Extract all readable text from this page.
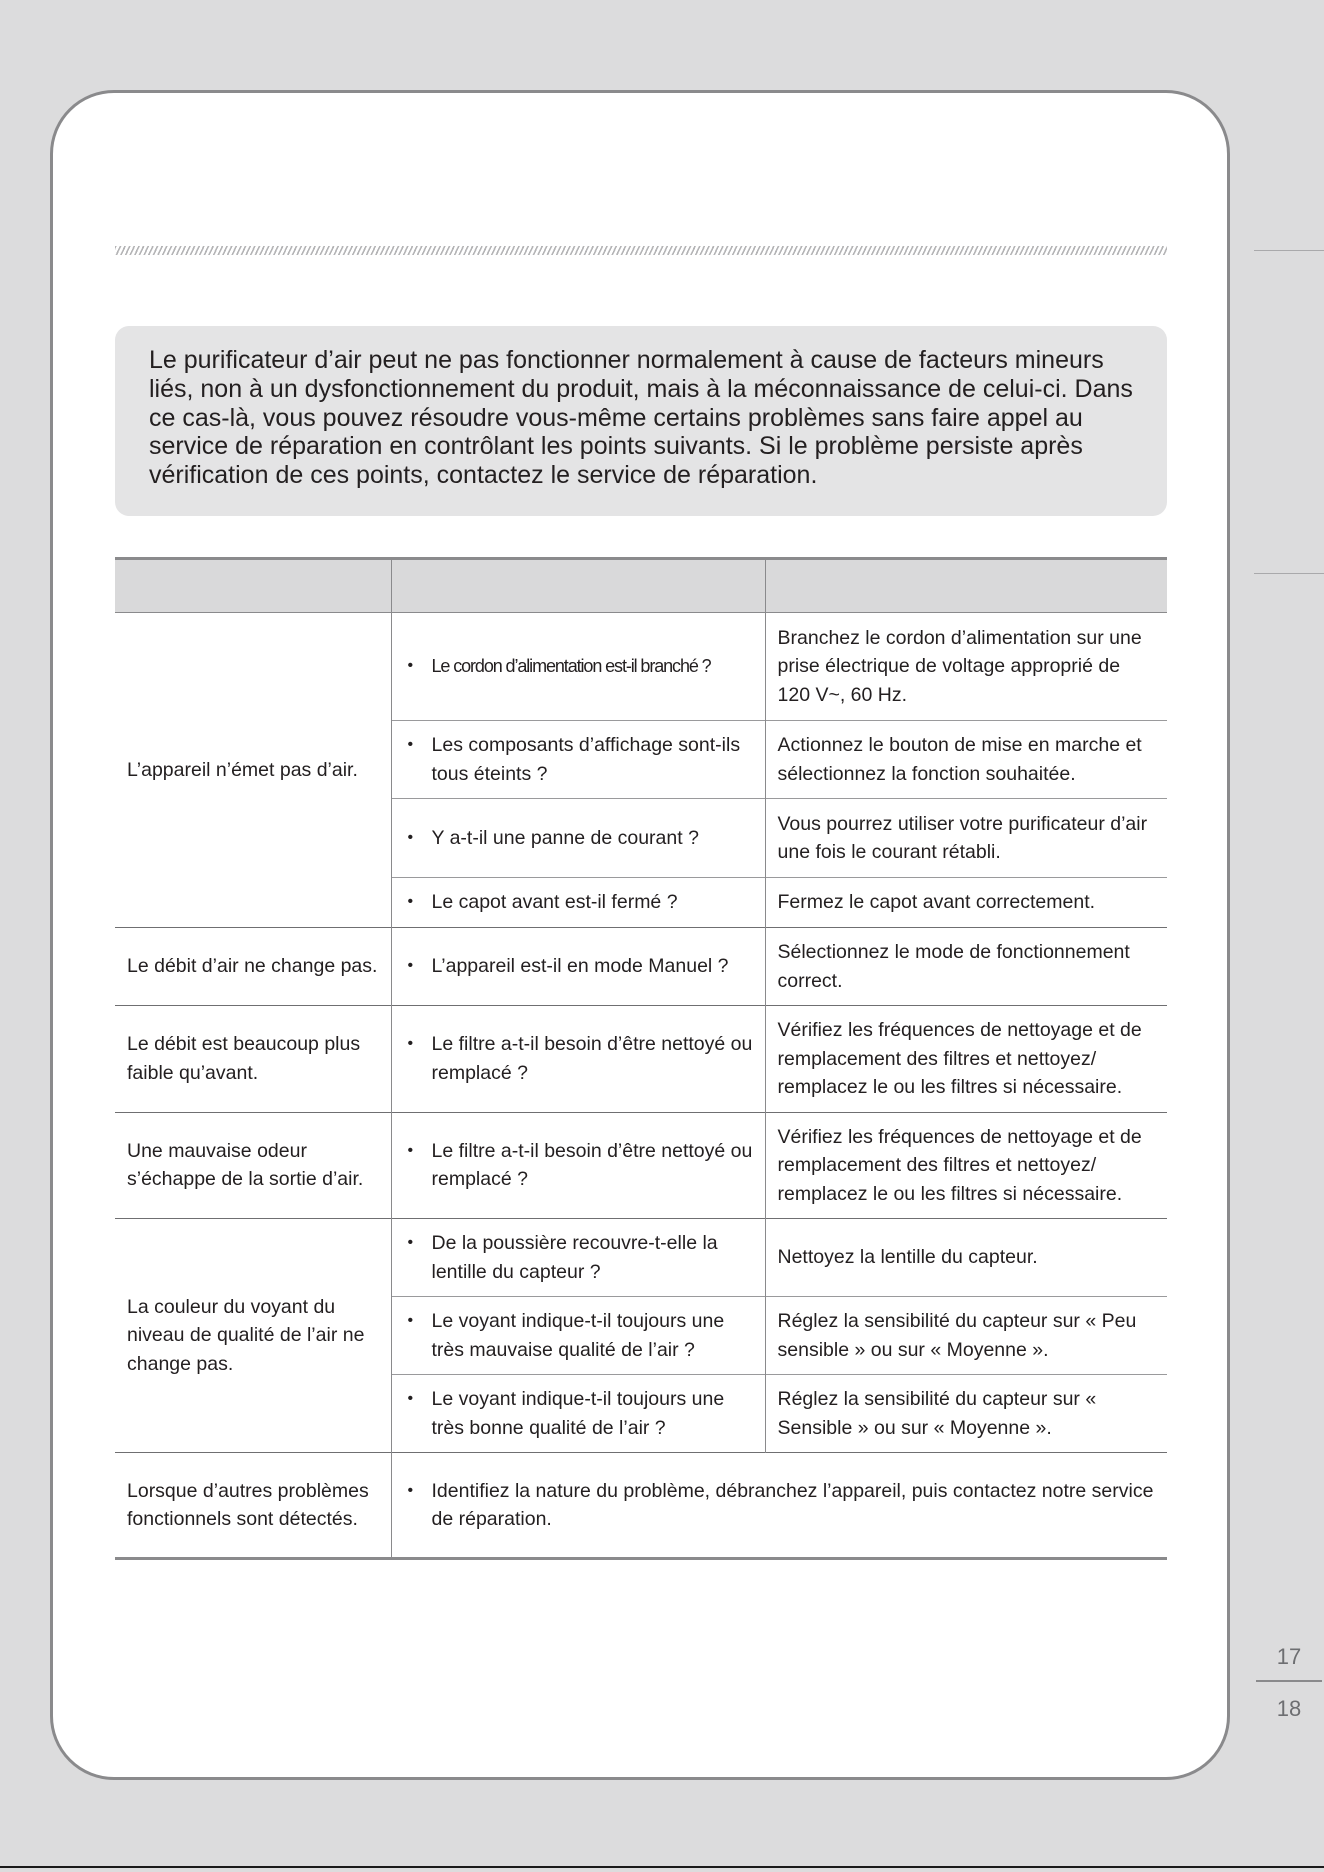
Le purificateur d’air peut ne pas fonctionner normalement à cause de facteurs mineurs liés, non à un dysfonctionnement du produit, mais à la méconnaissance de celui-ci. Dans ce cas-là, vous pouvez résoudre vous-même certains problèmes sans faire appel au service de réparation en contrôlant les points suivants. Si le problème persiste après vérification de ces points, contactez le service de réparation.

L’appareil n’émet pas d’air.	• Le cordon d’alimentation est-il branché ?	Branchez le cordon d’alimentation sur une prise électrique de voltage approprié de 120 V~, 60 Hz.

	• Les composants d’affichage sont-ils tous éteints ?	Actionnez le bouton de mise en marche et sélectionnez la fonction souhaitée.

	• Y a-t-il une panne de courant ?	Vous pourrez utiliser votre purificateur d’air une fois le courant rétabli.

	• Le capot avant est-il fermé ?	Fermez le capot avant correctement.
Le débit d’air ne change pas.	• L’appareil est-il en mode Manuel ?	Sélectionnez le mode de fonctionnement correct.
Le débit est beaucoup plus faible qu’avant.	• Le filtre a-t-il besoin d’être nettoyé ou remplacé ?	Vérifiez les fréquences de nettoyage et de remplacement des filtres et nettoyez/ remplacez le ou les filtres si nécessaire.
Une mauvaise odeur s’échappe de la sortie d’air.	• Le filtre a-t-il besoin d’être nettoyé ou remplacé ?	Vérifiez les fréquences de nettoyage et de remplacement des filtres et nettoyez/ remplacez le ou les filtres si nécessaire.
La couleur du voyant du niveau de qualité de l’air ne change pas.	• De la poussière recouvre-t-elle la lentille du capteur ?	Nettoyez la lentille du capteur.

	• Le voyant indique-t-il toujours une très mauvaise qualité de l’air ?	Réglez la sensibilité du capteur sur « Peu sensible » ou sur « Moyenne ».

	• Le voyant indique-t-il toujours une très bonne qualité de l’air ?	Réglez la sensibilité du capteur sur « Sensible » ou sur « Moyenne ».
Lorsque d’autres problèmes fonctionnels sont détectés.	• Identifiez la nature du problème, débranchez l’appareil, puis contactez notre service de réparation.
17
18
